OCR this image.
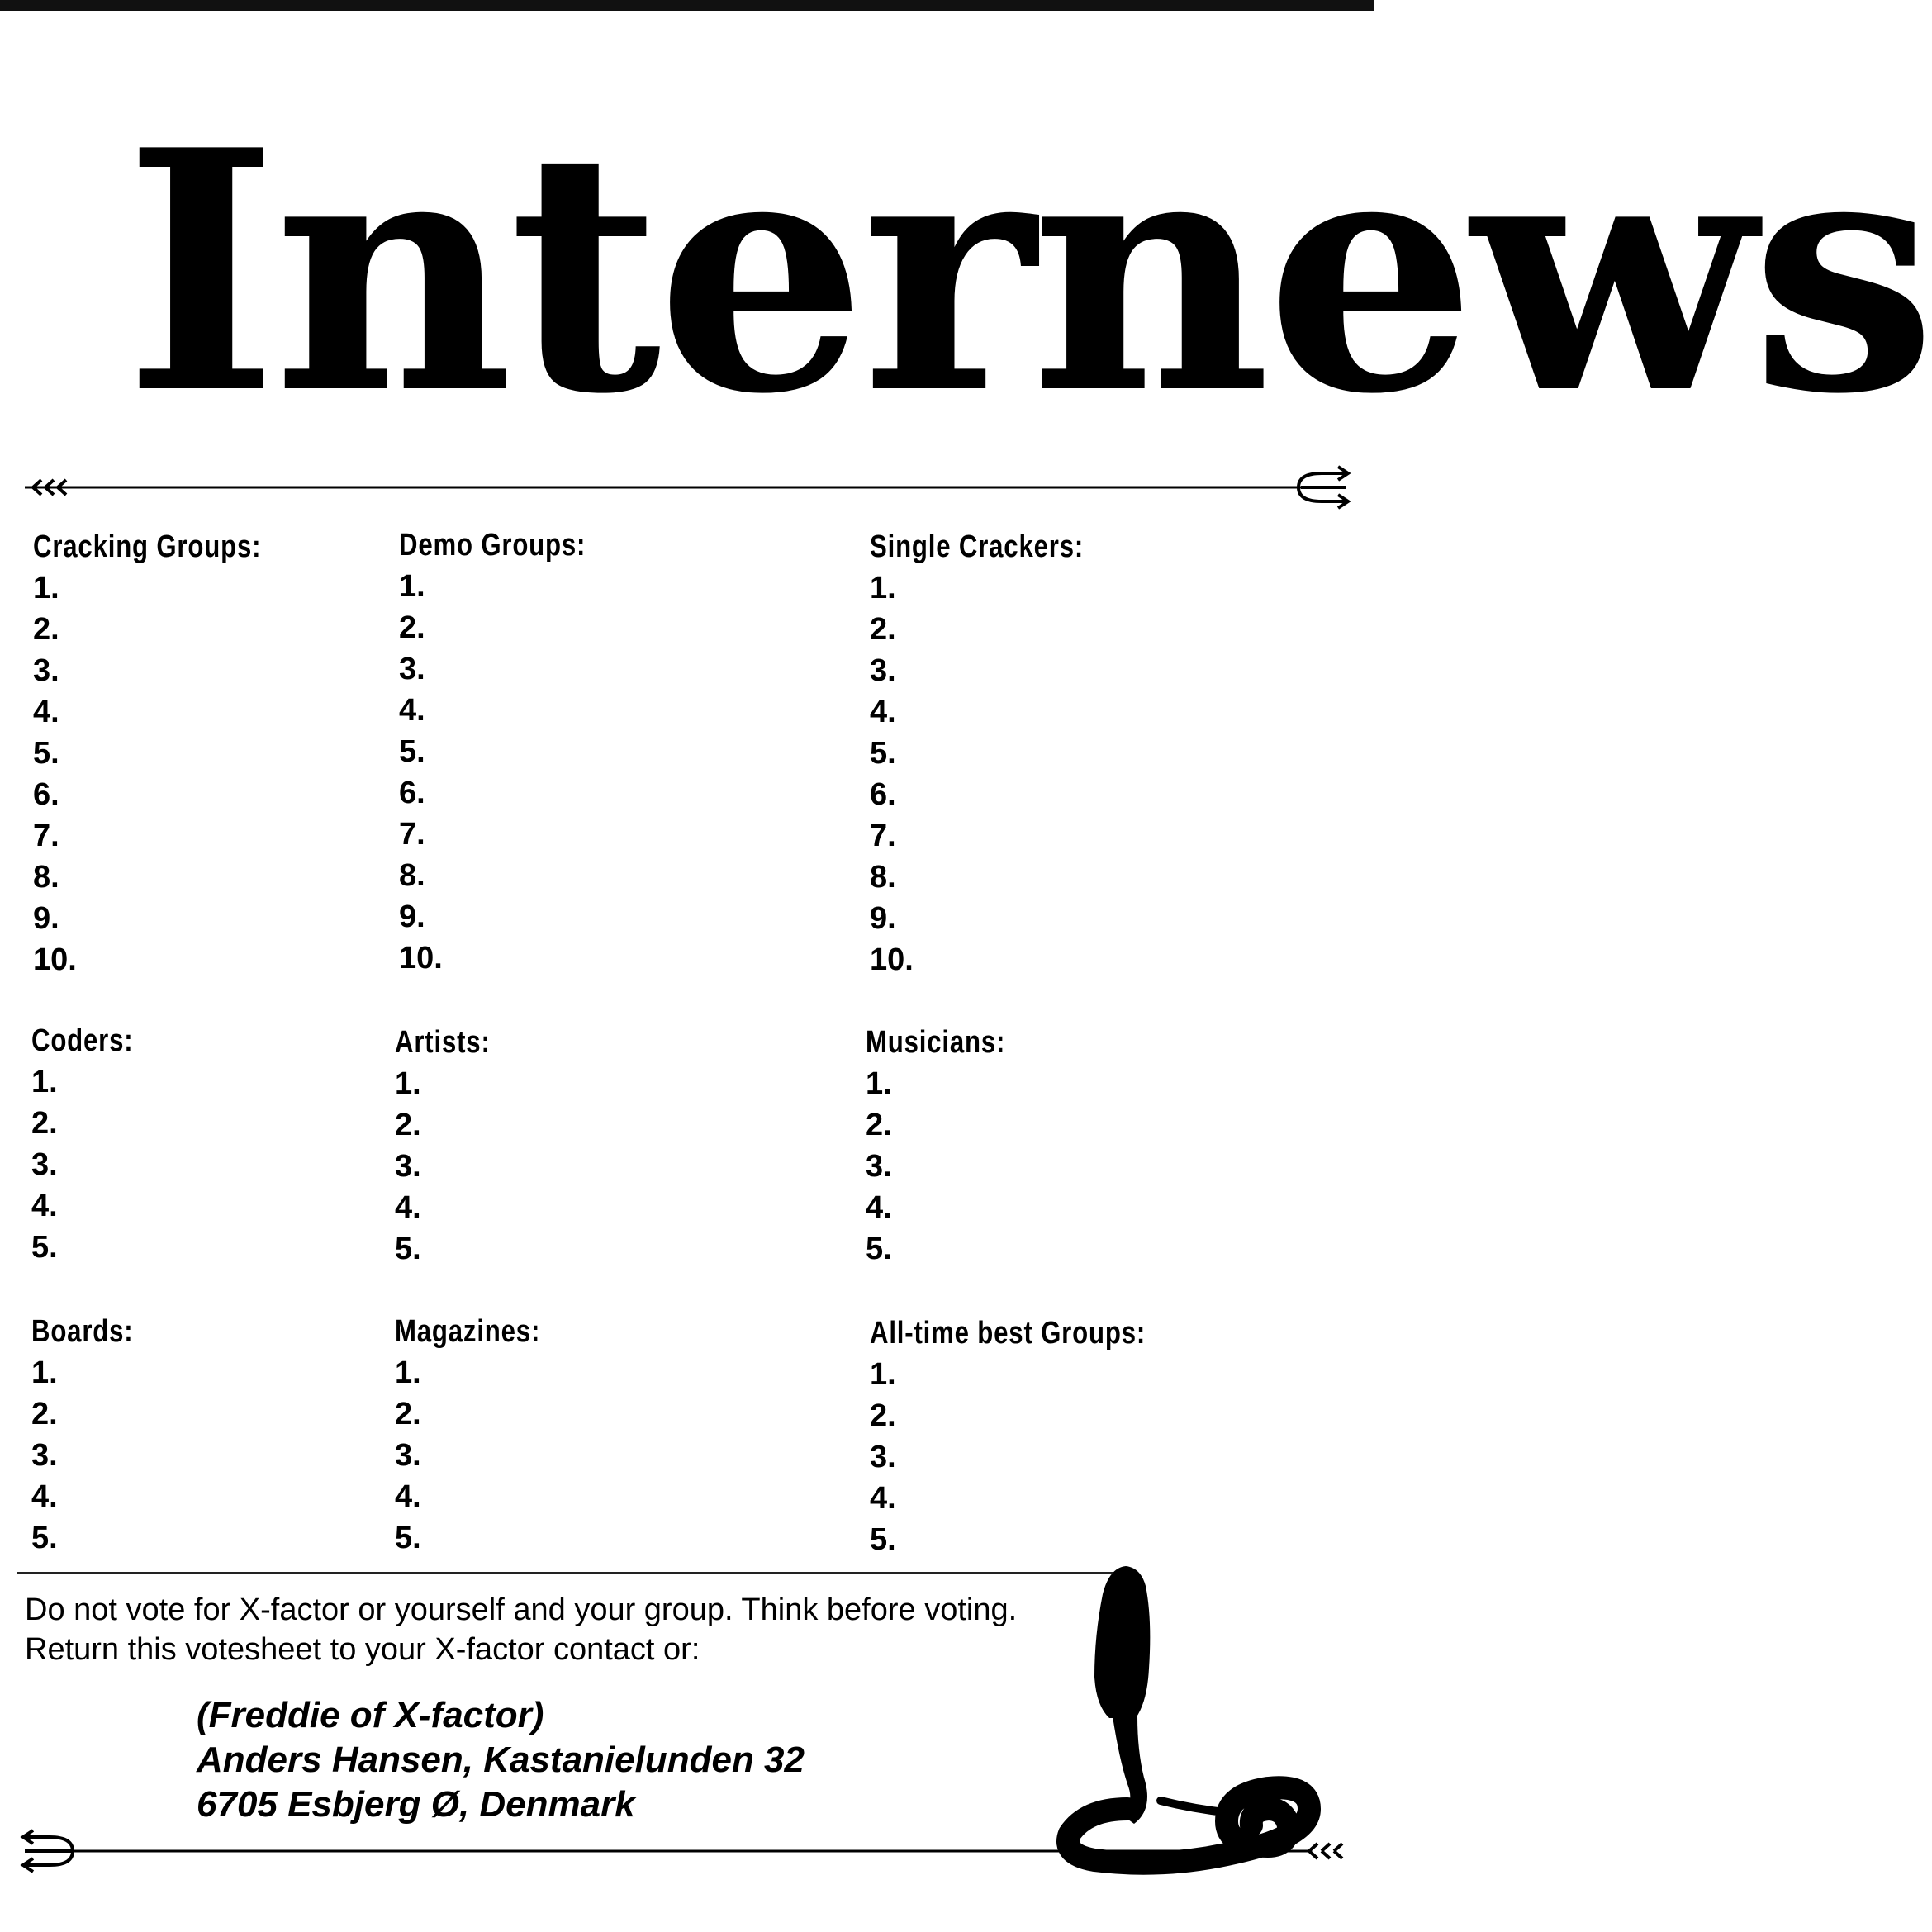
Internews
Cracking Groups:
1.
2.
3.
4.
5.
6.
7.
8.
9.
10.
Demo Groups:
1.
2.
3.
4.
5.
6.
7.
8.
9.
10.
Single Crackers:
1.
2.
3.
4.
5.
6.
7.
8.
9.
10.
Coders:
1.
2.
3.
4.
5.
Artists:
1.
2.
3.
4.
5.
Musicians:
1.
2.
3.
4.
5.
Boards:
1.
2.
3.
4.
5.
Magazines:
1.
2.
3.
4.
5.
All-time best Groups:
1.
2.
3.
4.
5.
Do not vote for X-factor or yourself and your group. Think before voting.
Return this votesheet to your X-factor contact or:
(Freddie of X-factor)
Anders Hansen, Kastanielunden 32
6705 Esbjerg Ø, Denmark
